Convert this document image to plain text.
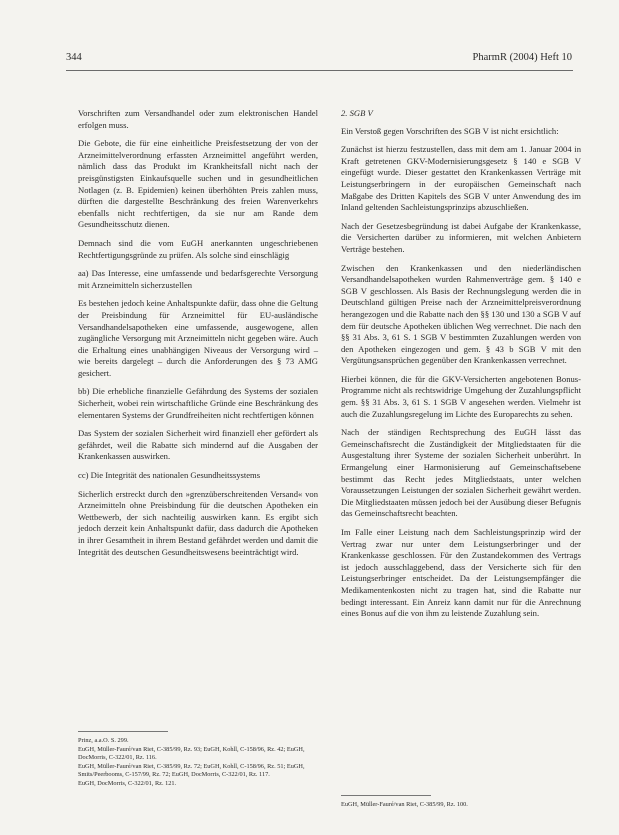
344	PharmR (2004) Heft 10

Vorschriften zum Versandhandel oder zum elektronischen Handel erfolgen muss.

Die Gebote, die für eine einheitliche Preisfestsetzung der von der Arzneimittelverordnung erfassten Arzneimittel angeführt werden, nämlich dass das Produkt im Krankheitsfall nicht nach der preisgünstigsten Einkaufsquelle suchen und in gesundheitlichen Notlagen (z. B. Epidemien) keinen überhöhten Preis zahlen muss, dürften die dargestellte Beschränkung des freien Warenverkehrs ebenfalls nicht rechtfertigen, da sie nur am Rande dem Gesundheitsschutz dienen.

Demnach sind die vom EuGH anerkannten ungeschriebenen Rechtfertigungsgründe zu prüfen. Als solche sind einschlägig

aa) Das Interesse, eine umfassende und bedarfsgerechte Versorgung mit Arzneimitteln sicherzustellen

Es bestehen jedoch keine Anhaltspunkte dafür, dass ohne die Geltung der Preisbindung für Arzneimittel für EU-ausländische Versandhandelsapotheken eine umfassende, ausgewogene, allen zugängliche Versorgung mit Arzneimitteln nicht gegeben wäre. Auch die Erhaltung eines unabhängigen Niveaus der Versorgung wird – wie bereits dargelegt – durch die Anforderungen des § 73 AMG gesichert.

bb) Die erhebliche finanzielle Gefährdung des Systems der sozialen Sicherheit, wobei rein wirtschaftliche Gründe eine Beschränkung des elementaren Systems der Grundfreiheiten nicht rechtfertigen können

Das System der sozialen Sicherheit wird finanziell eher gefördert als gefährdet, weil die Rabatte sich mindernd auf die Ausgaben der Krankenkassen auswirken.

cc) Die Integrität des nationalen Gesundheitssystems

Sicherlich erstreckt durch den »grenzüberschreitenden Versand« von Arzneimitteln ohne Preisbindung für die deutschen Apotheken ein Wettbewerb, der sich nachteilig auswirken kann. Es ergibt sich jedoch derzeit kein Anhaltspunkt dafür, dass dadurch die Apotheken in ihrer Gesamtheit in ihrem Bestand gefährdet werden und damit die Integrität des deutschen Gesundheitswesens beeinträchtigt wird.

2. SGB V

Ein Verstoß gegen Vorschriften des SGB V ist nicht ersichtlich:

Zunächst ist hierzu festzustellen, dass mit dem am 1. Januar 2004 in Kraft getretenen GKV-Modernisierungsgesetz § 140 e SGB V eingefügt wurde. Dieser gestattet den Krankenkassen Verträge mit Leistungserbringern in der europäischen Gemeinschaft nach Maßgabe des Dritten Kapitels des SGB V unter Anwendung des im Inland geltenden Sachleistungsprinzips abzuschließen.

Nach der Gesetzesbegründung ist dabei Aufgabe der Krankenkasse, die Versicherten darüber zu informieren, mit welchen Anbietern Verträge bestehen.

Zwischen den Krankenkassen und den niederländischen Versandhandelsapotheken wurden Rahmenverträge gem. § 140 e SGB V geschlossen. Als Basis der Rechnungslegung werden die in Deutschland gültigen Preise nach der Arzneimittelpreisverordnung herangezogen und die Rabatte nach den §§ 130 und 130 a SGB V auf dem für deutsche Apotheken üblichen Weg verrechnet. Die nach den §§ 31 Abs. 3, 61 S. 1 SGB V bestimmten Zuzahlungen werden von den Apotheken eingezogen und gem. § 43 b SGB V mit den Vergütungsansprüchen gegenüber den Krankenkassen verrechnet.

Hierbei können, die für die GKV-Versicherten angebotenen Bonus-Programme nicht als rechtswidrige Umgehung der Zuzahlungspflicht gem. §§ 31 Abs. 3, 61 S. 1 SGB V angesehen werden. Vielmehr ist auch die Zuzahlungsregelung im Lichte des Europarechts zu sehen.

Nach der ständigen Rechtsprechung des EuGH lässt das Gemeinschaftsrecht die Zuständigkeit der Mitgliedstaaten für die Ausgestaltung ihrer Systeme der sozialen Sicherheit unberührt. In Ermangelung einer Harmonisierung auf Gemeinschaftsebene bestimmt das Recht jedes Mitgliedstaats, unter welchen Voraussetzungen Leistungen der sozialen Sicherheit gewährt werden. Die Mitgliedstaaten müssen jedoch bei der Ausübung dieser Befugnis das Gemeinschaftsrecht beachten.

Im Falle einer Leistung nach dem Sachleistungsprinzip wird der Vertrag zwar nur unter dem Leistungserbringer und der Krankenkasse geschlossen. Für den Zustandekommen des Vertrags ist jedoch ausschlaggebend, dass der Versicherte sich für den Leistungserbringer entscheidet. Da der Leistungsempfänger die Medikamentenkosten nicht zu tragen hat, sind die Rabatte nur bedingt interessant. Ein Anreiz kann damit nur für die Anrechnung eines Bonus auf die von ihm zu leistende Zuzahlung sein.

Prinz, a.a.O. S. 299.

EuGH, Müller-Fauré/van Riet, C-385/99, Rz. 93; EuGH, Kohll, C-158/96, Rz. 42; EuGH, DocMorris, C-322/01, Rz. 116.

EuGH, Müller-Fauré/van Riet, C-385/99, Rz. 72; EuGH, Kohll, C-158/96, Rz. 51; EuGH, Smits/Peerbooms, C-157/99, Rz. 72; EuGH, DocMorris, C-322/01, Rz. 117.

EuGH, DocMorris, C-322/01, Rz. 121.

EuGH, Müller-Fauré/van Riet, C-385/99, Rz. 100.
